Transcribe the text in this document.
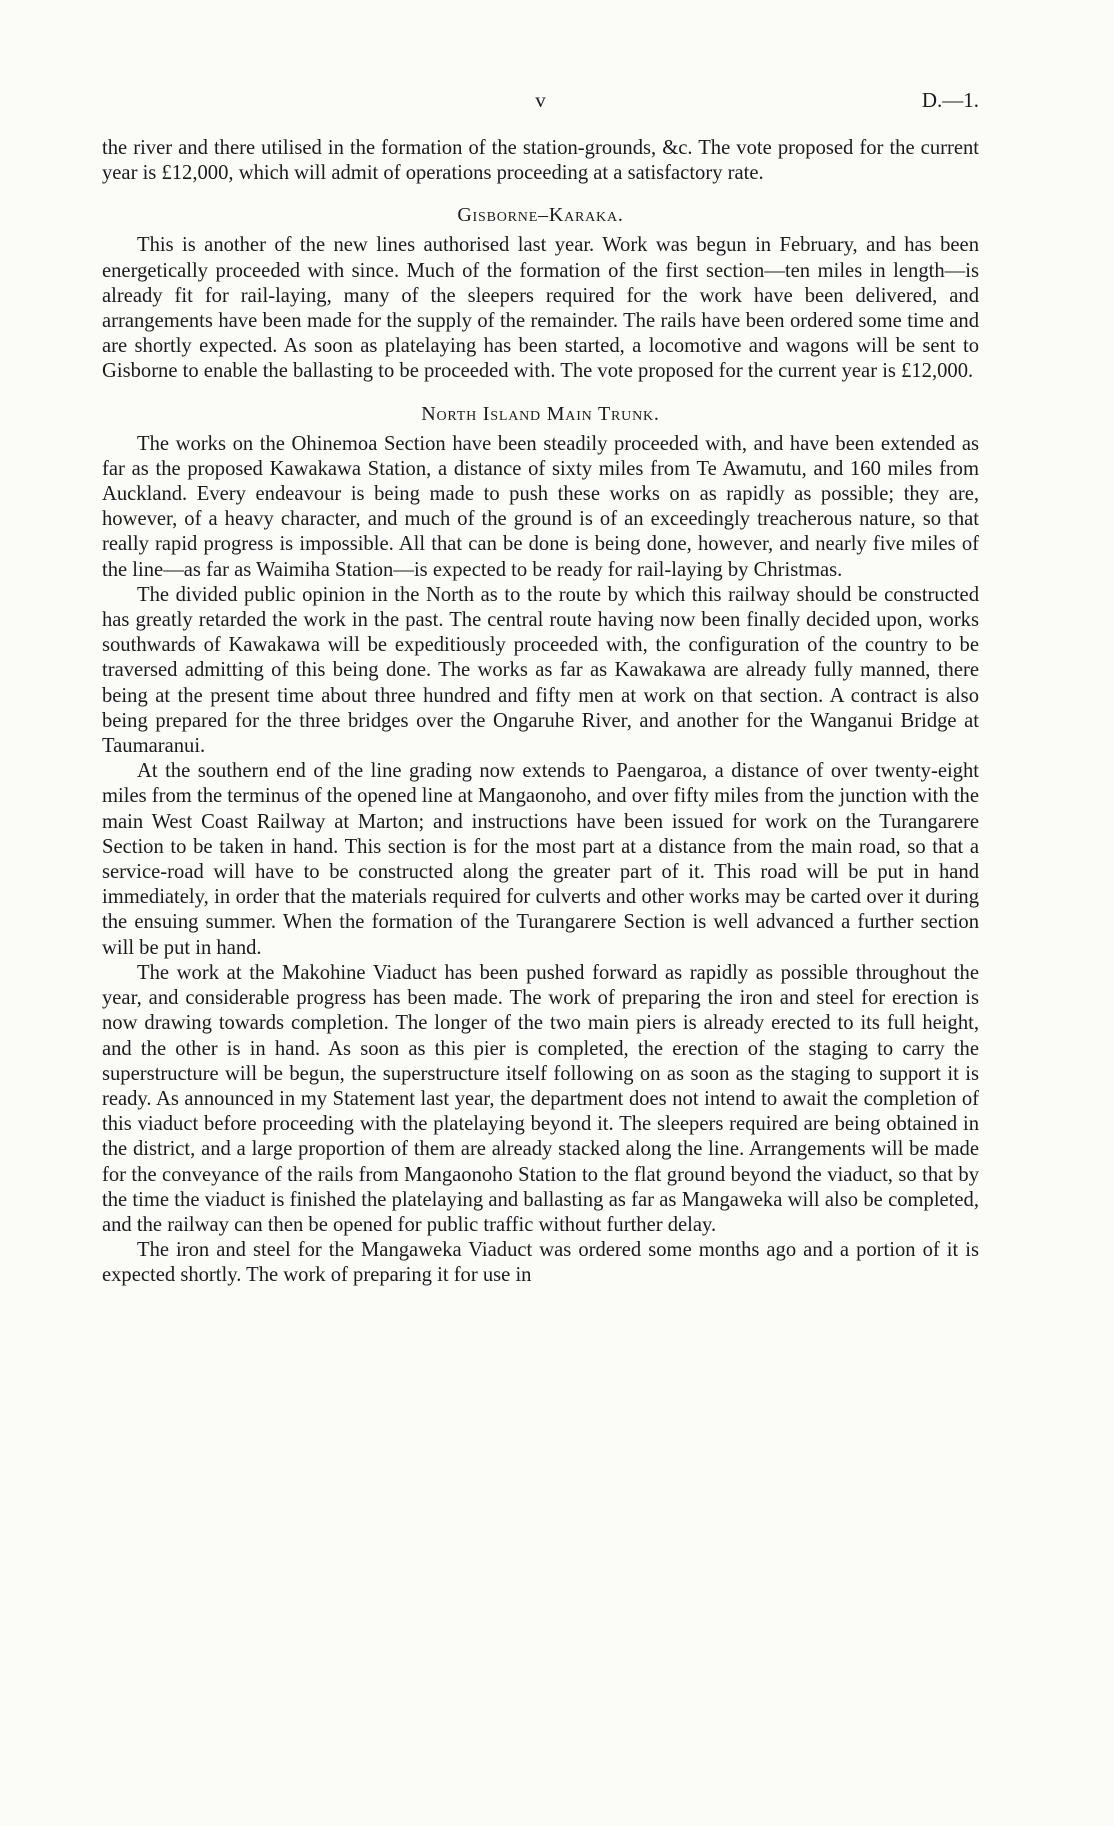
v	D.—1.

the river and there utilised in the formation of the station-grounds, &c. The vote proposed for the current year is £12,000, which will admit of operations proceeding at a satisfactory rate.

Gisborne–Karaka.

This is another of the new lines authorised last year. Work was begun in February, and has been energetically proceeded with since. Much of the formation of the first section—ten miles in length—is already fit for rail-laying, many of the sleepers required for the work have been delivered, and arrangements have been made for the supply of the remainder. The rails have been ordered some time and are shortly expected. As soon as platelaying has been started, a locomotive and wagons will be sent to Gisborne to enable the ballasting to be proceeded with. The vote proposed for the current year is £12,000.

North Island Main Trunk.

The works on the Ohinemoa Section have been steadily proceeded with, and have been extended as far as the proposed Kawakawa Station, a distance of sixty miles from Te Awamutu, and 160 miles from Auckland. Every endeavour is being made to push these works on as rapidly as possible; they are, however, of a heavy character, and much of the ground is of an exceedingly treacherous nature, so that really rapid progress is impossible. All that can be done is being done, however, and nearly five miles of the line—as far as Waimiha Station—is expected to be ready for rail-laying by Christmas.

The divided public opinion in the North as to the route by which this railway should be constructed has greatly retarded the work in the past. The central route having now been finally decided upon, works southwards of Kawakawa will be expeditiously proceeded with, the configuration of the country to be traversed admitting of this being done. The works as far as Kawakawa are already fully manned, there being at the present time about three hundred and fifty men at work on that section. A contract is also being prepared for the three bridges over the Ongaruhe River, and another for the Wanganui Bridge at Taumaranui.

At the southern end of the line grading now extends to Paengaroa, a distance of over twenty-eight miles from the terminus of the opened line at Mangaonoho, and over fifty miles from the junction with the main West Coast Railway at Marton; and instructions have been issued for work on the Turangarere Section to be taken in hand. This section is for the most part at a distance from the main road, so that a service-road will have to be constructed along the greater part of it. This road will be put in hand immediately, in order that the materials required for culverts and other works may be carted over it during the ensuing summer. When the formation of the Turangarere Section is well advanced a further section will be put in hand.

The work at the Makohine Viaduct has been pushed forward as rapidly as possible throughout the year, and considerable progress has been made. The work of preparing the iron and steel for erection is now drawing towards completion. The longer of the two main piers is already erected to its full height, and the other is in hand. As soon as this pier is completed, the erection of the staging to carry the superstructure will be begun, the superstructure itself following on as soon as the staging to support it is ready. As announced in my Statement last year, the department does not intend to await the completion of this viaduct before proceeding with the platelaying beyond it. The sleepers required are being obtained in the district, and a large proportion of them are already stacked along the line. Arrangements will be made for the conveyance of the rails from Mangaonoho Station to the flat ground beyond the viaduct, so that by the time the viaduct is finished the platelaying and ballasting as far as Mangaweka will also be completed, and the railway can then be opened for public traffic without further delay.

The iron and steel for the Mangaweka Viaduct was ordered some months ago and a portion of it is expected shortly. The work of preparing it for use in
